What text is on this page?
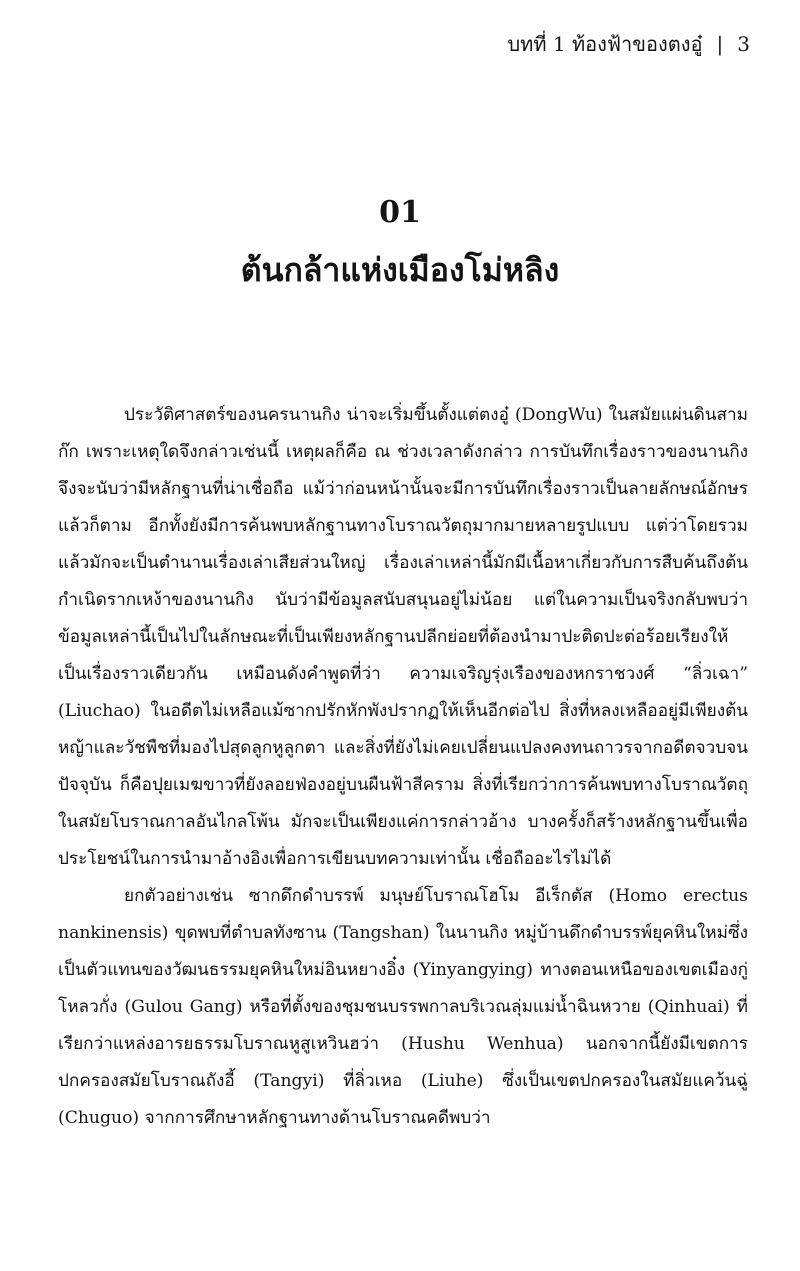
บทที่ 1 ท้องฟ้าของตงอู๋ | 3
01
ต้นกล้าแห่งเมืองโม่หลิง

ประวัติศาสตร์ของนครนานกิง น่าจะเริ่มขึ้นตั้งแต่ตงอู๋ (DongWu) ในสมัยแผ่นดินสามก๊ก เพราะเหตุใดจึงกล่าวเช่นนี้ เหตุผลก็คือ ณ ช่วงเวลาดังกล่าว การบันทึกเรื่องราวของนานกิงจึงจะนับว่ามีหลักฐานที่น่าเชื่อถือ แม้ว่าก่อนหน้านั้นจะมีการบันทึกเรื่องราวเป็นลายลักษณ์อักษรแล้วก็ตาม อีกทั้งยังมีการค้นพบหลักฐานทางโบราณวัตถุมากมายหลายรูปแบบ แต่ว่าโดยรวมแล้วมักจะเป็นตำนานเรื่องเล่าเสียส่วนใหญ่ เรื่องเล่าเหล่านี้มักมีเนื้อหาเกี่ยวกับการสืบค้นถึงต้นกำเนิดรากเหง้าของนานกิง นับว่ามีข้อมูลสนับสนุนอยู่ไม่น้อย แต่ในความเป็นจริงกลับพบว่า ข้อมูลเหล่านี้เป็นไปในลักษณะที่เป็นเพียงหลักฐานปลีกย่อยที่ต้องนำมาปะติดปะต่อร้อยเรียงให้เป็นเรื่องราวเดียวกัน เหมือนดังคำพูดที่ว่า ความเจริญรุ่งเรืองของหกราชวงศ์ “ลิ่วเฉา” (Liuchao) ในอดีตไม่เหลือแม้ซากปรักหักพังปรากฏให้เห็นอีกต่อไป สิ่งที่หลงเหลืออยู่มีเพียงต้นหญ้าและวัชพืชที่มองไปสุดลูกหูลูกตา และสิ่งที่ยังไม่เคยเปลี่ยนแปลงคงทนถาวรจากอดีตจวบจนปัจจุบัน ก็คือปุยเมฆขาวที่ยังลอยฟ่องอยู่บนผืนฟ้าสีคราม สิ่งที่เรียกว่าการค้นพบทางโบราณวัตถุในสมัยโบราณกาลอันไกลโพ้น มักจะเป็นเพียงแค่การกล่าวอ้าง บางครั้งก็สร้างหลักฐานขึ้นเพื่อประโยชน์ในการนำมาอ้างอิงเพื่อการเขียนบทความเท่านั้น เชื่อถืออะไรไม่ได้

ยกตัวอย่างเช่น ซากดึกดำบรรพ์ มนุษย์โบราณโฮโม อีเร็กตัส (Homo erectus nankinensis) ขุดพบที่ตำบลทังซาน (Tangshan) ในนานกิง หมู่บ้านดึกดำบรรพ์ยุคหินใหม่ซึ่งเป็นตัวแทนของวัฒนธรรมยุคหินใหม่อินหยางอิ๋ง (Yinyangying) ทางตอนเหนือของเขตเมืองกู่โหลวกั่ง (Gulou Gang) หรือที่ตั้งของชุมชนบรรพกาลบริเวณลุ่มแม่น้ำฉินหวาย (Qinhuai) ที่เรียกว่าแหล่งอารยธรรมโบราณหูสูเหวินฮว่า (Hushu Wenhua) นอกจากนี้ยังมีเขตการปกครองสมัยโบราณถังอี้ (Tangyi) ที่ลิ่วเหอ (Liuhe) ซึ่งเป็นเขตปกครองในสมัยแคว้นฉู่ (Chuguo) จากการศึกษาหลักฐานทางด้านโบราณคดีพบว่า
